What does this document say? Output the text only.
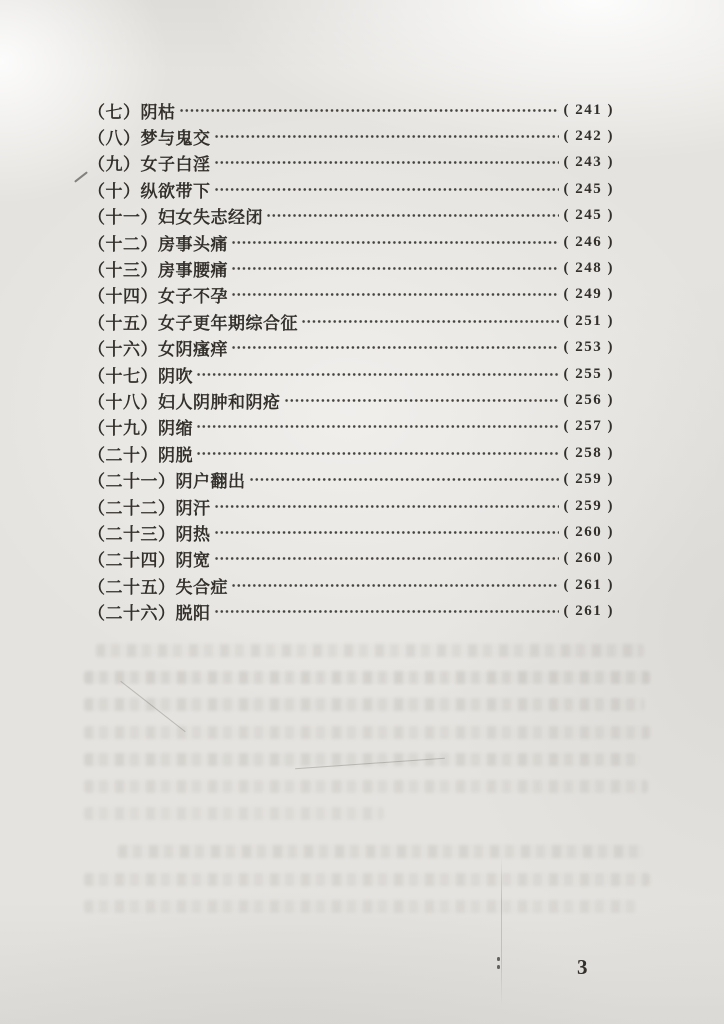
（七）阴枯	( 241 )
（八）梦与鬼交	( 242 )
（九）女子白淫	( 243 )
（十）纵欲带下	( 245 )
（十一）妇女失志经闭	( 245 )
（十二）房事头痛	( 246 )
（十三）房事腰痛	( 248 )
（十四）女子不孕	( 249 )
（十五）女子更年期综合征	( 251 )
（十六）女阴瘙痒	( 253 )
（十七）阴吹	( 255 )
（十八）妇人阴肿和阴疮	( 256 )
（十九）阴缩	( 257 )
（二十）阴脱	( 258 )
（二十一）阴户翻出	( 259 )
（二十二）阴汗	( 259 )
（二十三）阴热	( 260 )
（二十四）阴宽	( 260 )
（二十五）失合症	( 261 )
（二十六）脱阳	( 261 )
3
